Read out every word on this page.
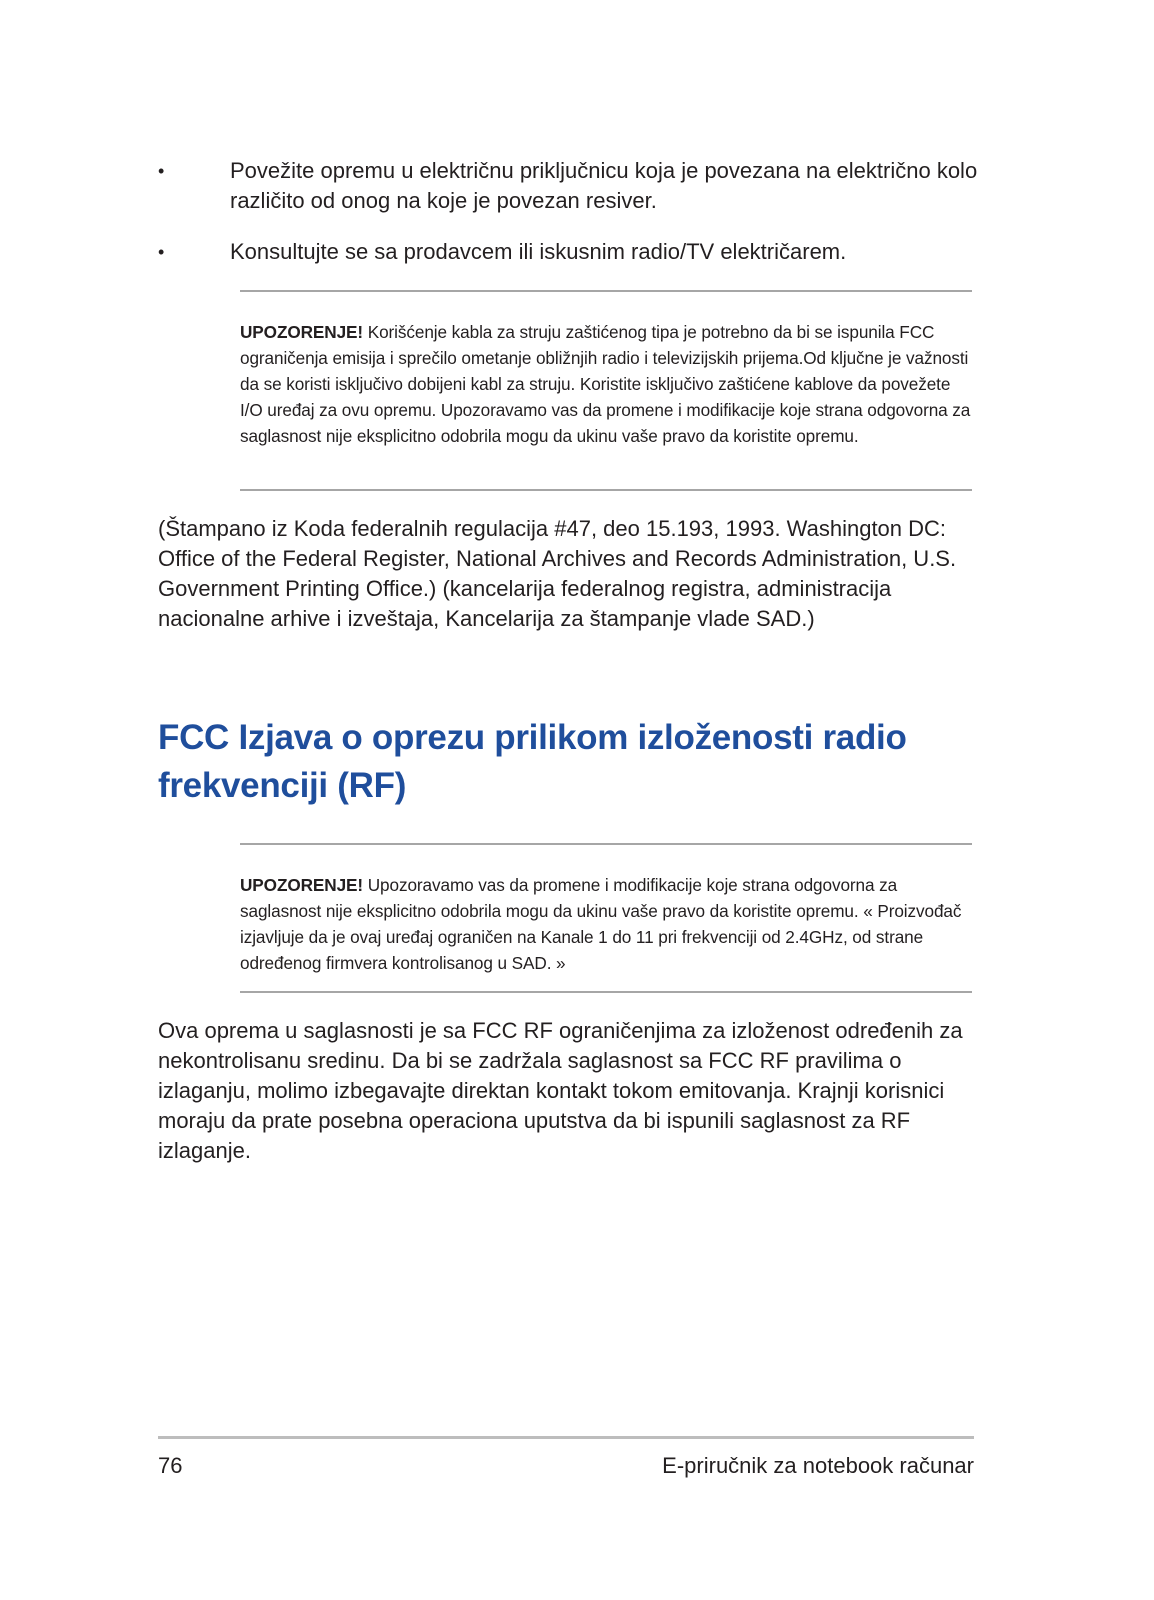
•	Povežite opremu u električnu priključnicu koja je povezana na električno kolo različito od onog na koje je povezan resiver.
•	Konsultujte se sa prodavcem ili iskusnim radio/TV električarem.

UPOZORENJE! Korišćenje kabla za struju zaštićenog tipa je potrebno da bi se ispunila FCC ograničenja emisija i sprečilo ometanje obližnjih radio i televizijskih prijema.Od ključne je važnosti da se koristi isključivo dobijeni kabl za struju. Koristite isključivo zaštićene kablove da povežete I/O uređaj za ovu opremu. Upozoravamo vas da promene i modifikacije koje strana odgovorna za saglasnost nije eksplicitno odobrila mogu da ukinu vaše pravo da koristite opremu.

(Štampano iz Koda federalnih regulacija #47, deo 15.193, 1993. Washington DC: Office of the Federal Register, National Archives and Records Administration, U.S. Government Printing Office.) (kancelarija federalnog registra, administracija nacionalne arhive i izveštaja, Kancelarija za štampanje vlade SAD.)

FCC Izjava o oprezu prilikom izloženosti radio frekvenciji (RF)

UPOZORENJE! Upozoravamo vas da promene i modifikacije koje strana odgovorna za saglasnost nije eksplicitno odobrila mogu da ukinu vaše pravo da koristite opremu. « Proizvođač izjavljuje da je ovaj uređaj ograničen na Kanale 1 do 11 pri frekvenciji od 2.4GHz, od strane određenog firmvera kontrolisanog u SAD. »

Ova oprema u saglasnosti je sa FCC RF ograničenjima za izloženost određenih za nekontrolisanu sredinu. Da bi se zadržala saglasnost sa FCC RF pravilima o izlaganju, molimo izbegavajte direktan kontakt tokom emitovanja. Krajnji korisnici moraju da prate posebna operaciona uputstva da bi ispunili saglasnost za RF izlaganje.

76	E-priručnik za notebook računar
